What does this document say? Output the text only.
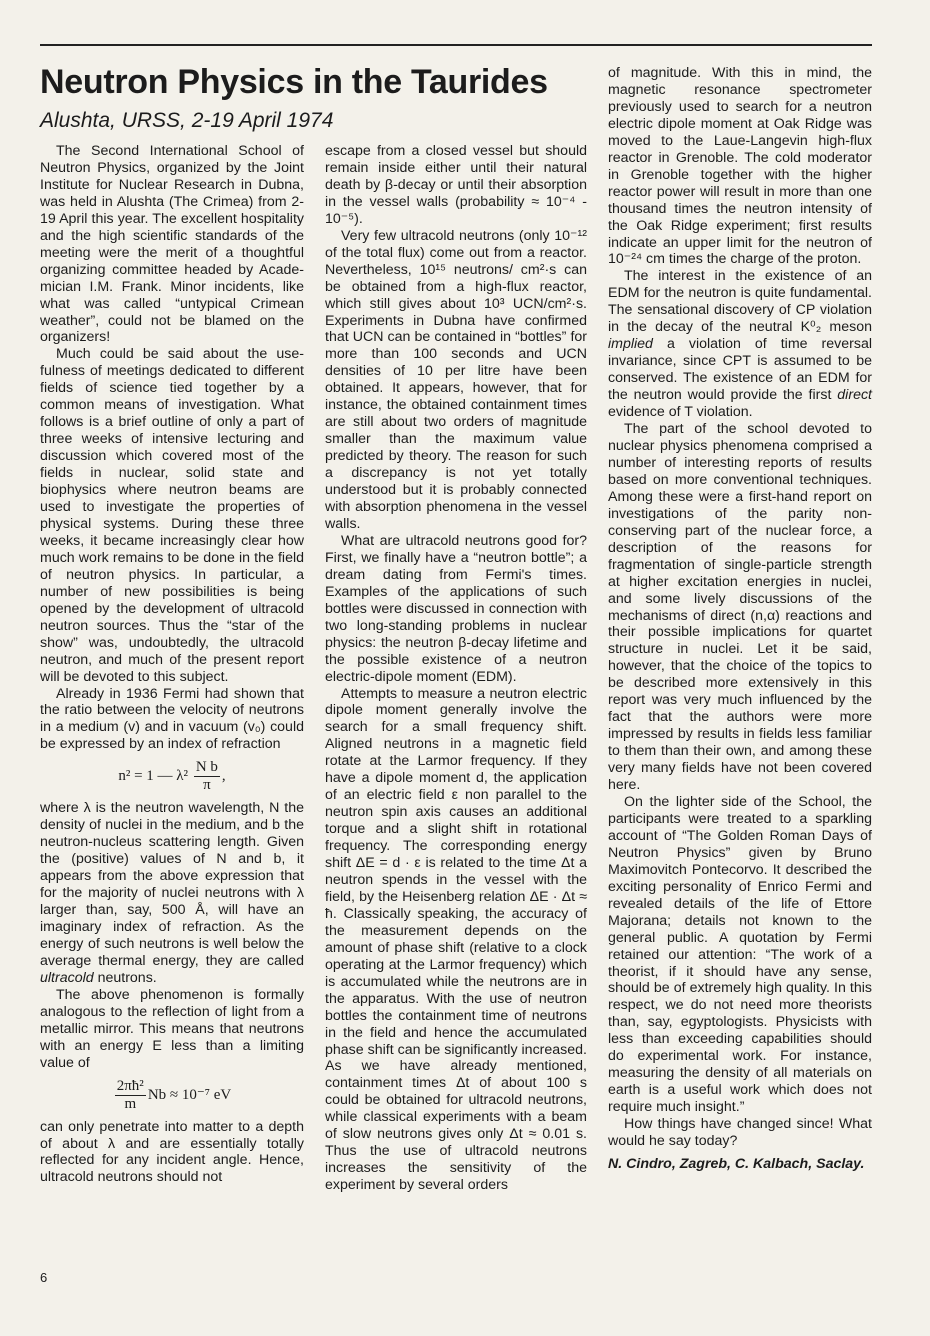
Neutron Physics in the Taurides
Alushta, URSS, 2-19 April 1974

The Second International School of Neutron Physics, organized by the Joint Institute for Nuclear Research in Dubna, was held in Alushta (The Crimea) from 2-19 April this year. The excellent hospitality and the high scientific standards of the meeting were the merit of a thoughtful organizing committee headed by Academician I.M. Frank. Minor incidents, like what was called “untypical Crimean weather”, could not be blamed on the organizers!

Much could be said about the usefulness of meetings dedicated to different fields of science tied together by a common means of investigation. What follows is a brief outline of only a part of three weeks of intensive lecturing and discussion which covered most of the fields in nuclear, solid state and biophysics where neutron beams are used to investigate the properties of physical systems. During these three weeks, it became increasingly clear how much work remains to be done in the field of neutron physics. In particular, a number of new possibilities is being opened by the development of ultracold neutron sources. Thus the “star of the show” was, undoubtedly, the ultracold neutron, and much of the present report will be devoted to this subject.

Already in 1936 Fermi had shown that the ratio between the velocity of neutrons in a medium (v) and in vacuum (v₀) could be expressed by an index of refraction

n² = 1 — $\lambda^2 \frac{\text{N b}}{\pi}$ ,

where λ is the neutron wavelength, N the density of nuclei in the medium, and b the neutron-nucleus scattering length. Given the (positive) values of N and b, it appears from the above expression that for the majority of nuclei neutrons with λ larger than, say, 500 Å, will have an imaginary index of refraction. As the energy of such neutrons is well below the average thermal energy, they are called ultracold neutrons.

The above phenomenon is formally analogous to the reflection of light from a metallic mirror. This means that neutrons with an energy E less than a limiting value of

$\frac{\text{2πħ²}}{m}$ Nb ≈ 10⁻⁷ eV

can only penetrate into matter to a depth of about λ and are essentially totally reflected for any incident angle. Hence, ultracold neutrons should not

escape from a closed vessel but should remain inside either until their natural death by β-decay or until their absorption in the vessel walls (probability ≈ 10⁻⁴ - 10⁻⁵).

Very few ultracold neutrons (only 10⁻¹² of the total flux) come out from a reactor. Nevertheless, 10¹⁵ neutrons/ cm²·s can be obtained from a high-flux reactor, which still gives about 10³ UCN/cm²·s. Experiments in Dubna have confirmed that UCN can be contained in “bottles” for more than 100 seconds and UCN densities of 10 per litre have been obtained. It appears, however, that for instance, the obtained containment times are still about two orders of magnitude smaller than the maximum value predicted by theory. The reason for such a discrepancy is not yet totally understood but it is probably connected with absorption phenomena in the vessel walls.

What are ultracold neutrons good for? First, we finally have a “neutron bottle”; a dream dating from Fermi's times. Examples of the applications of such bottles were discussed in connection with two long-standing problems in nuclear physics: the neutron β-decay lifetime and the possible existence of a neutron electric-dipole moment (EDM).

Attempts to measure a neutron electric dipole moment generally involve the search for a small frequency shift. Aligned neutrons in a magnetic field rotate at the Larmor frequency. If they have a dipole moment d, the application of an electric field ε non parallel to the neutron spin axis causes an additional torque and a slight shift in rotational frequency. The corresponding energy shift ΔE = d · ε is related to the time Δt a neutron spends in the vessel with the field, by the Heisenberg relation ΔE · Δt ≈ ħ. Classically speaking, the accuracy of the measurement depends on the amount of phase shift (relative to a clock operating at the Larmor frequency) which is accumulated while the neutrons are in the apparatus. With the use of neutron bottles the containment time of neutrons in the field and hence the accumulated phase shift can be significantly increased. As we have already mentioned, containment times Δt of about 100 s could be obtained for ultracold neutrons, while classical experiments with a beam of slow neutrons gives only Δt ≈ 0.01 s. Thus the use of ultracold neutrons increases the sensitivity of the experiment by several orders

of magnitude. With this in mind, the magnetic resonance spectrometer previously used to search for a neutron electric dipole moment at Oak Ridge was moved to the Laue-Langevin high-flux reactor in Grenoble. The cold moderator in Grenoble together with the higher reactor power will result in more than one thousand times the neutron intensity of the Oak Ridge experiment; first results indicate an upper limit for the neutron of 10⁻²⁴ cm times the charge of the proton.

The interest in the existence of an EDM for the neutron is quite fundamental. The sensational discovery of CP violation in the decay of the neutral K⁰₂ meson implied a violation of time reversal invariance, since CPT is assumed to be conserved. The existence of an EDM for the neutron would provide the first direct evidence of T violation.

The part of the school devoted to nuclear physics phenomena comprised a number of interesting reports of results based on more conventional techniques. Among these were a first-hand report on investigations of the parity non-conserving part of the nuclear force, a description of the reasons for fragmentation of single-particle strength at higher excitation energies in nuclei, and some lively discussions of the mechanisms of direct (n,α) reactions and their possible implications for quartet structure in nuclei. Let it be said, however, that the choice of the topics to be described more extensively in this report was very much influenced by the fact that the authors were more impressed by results in fields less familiar to them than their own, and among these very many fields have not been covered here.

On the lighter side of the School, the participants were treated to a sparkling account of “The Golden Roman Days of Neutron Physics” given by Bruno Maximovitch Pontecorvo. It described the exciting personality of Enrico Fermi and revealed details of the life of Ettore Majorana; details not known to the general public. A quotation by Fermi retained our attention: “The work of a theorist, if it should have any sense, should be of extremely high quality. In this respect, we do not need more theorists than, say, egyptologists. Physicists with less than exceeding capabilities should do experimental work. For instance, measuring the density of all materials on earth is a useful work which does not require much insight.”

How things have changed since! What would he say today?

N. Cindro, Zagreb, C. Kalbach, Saclay.

6
